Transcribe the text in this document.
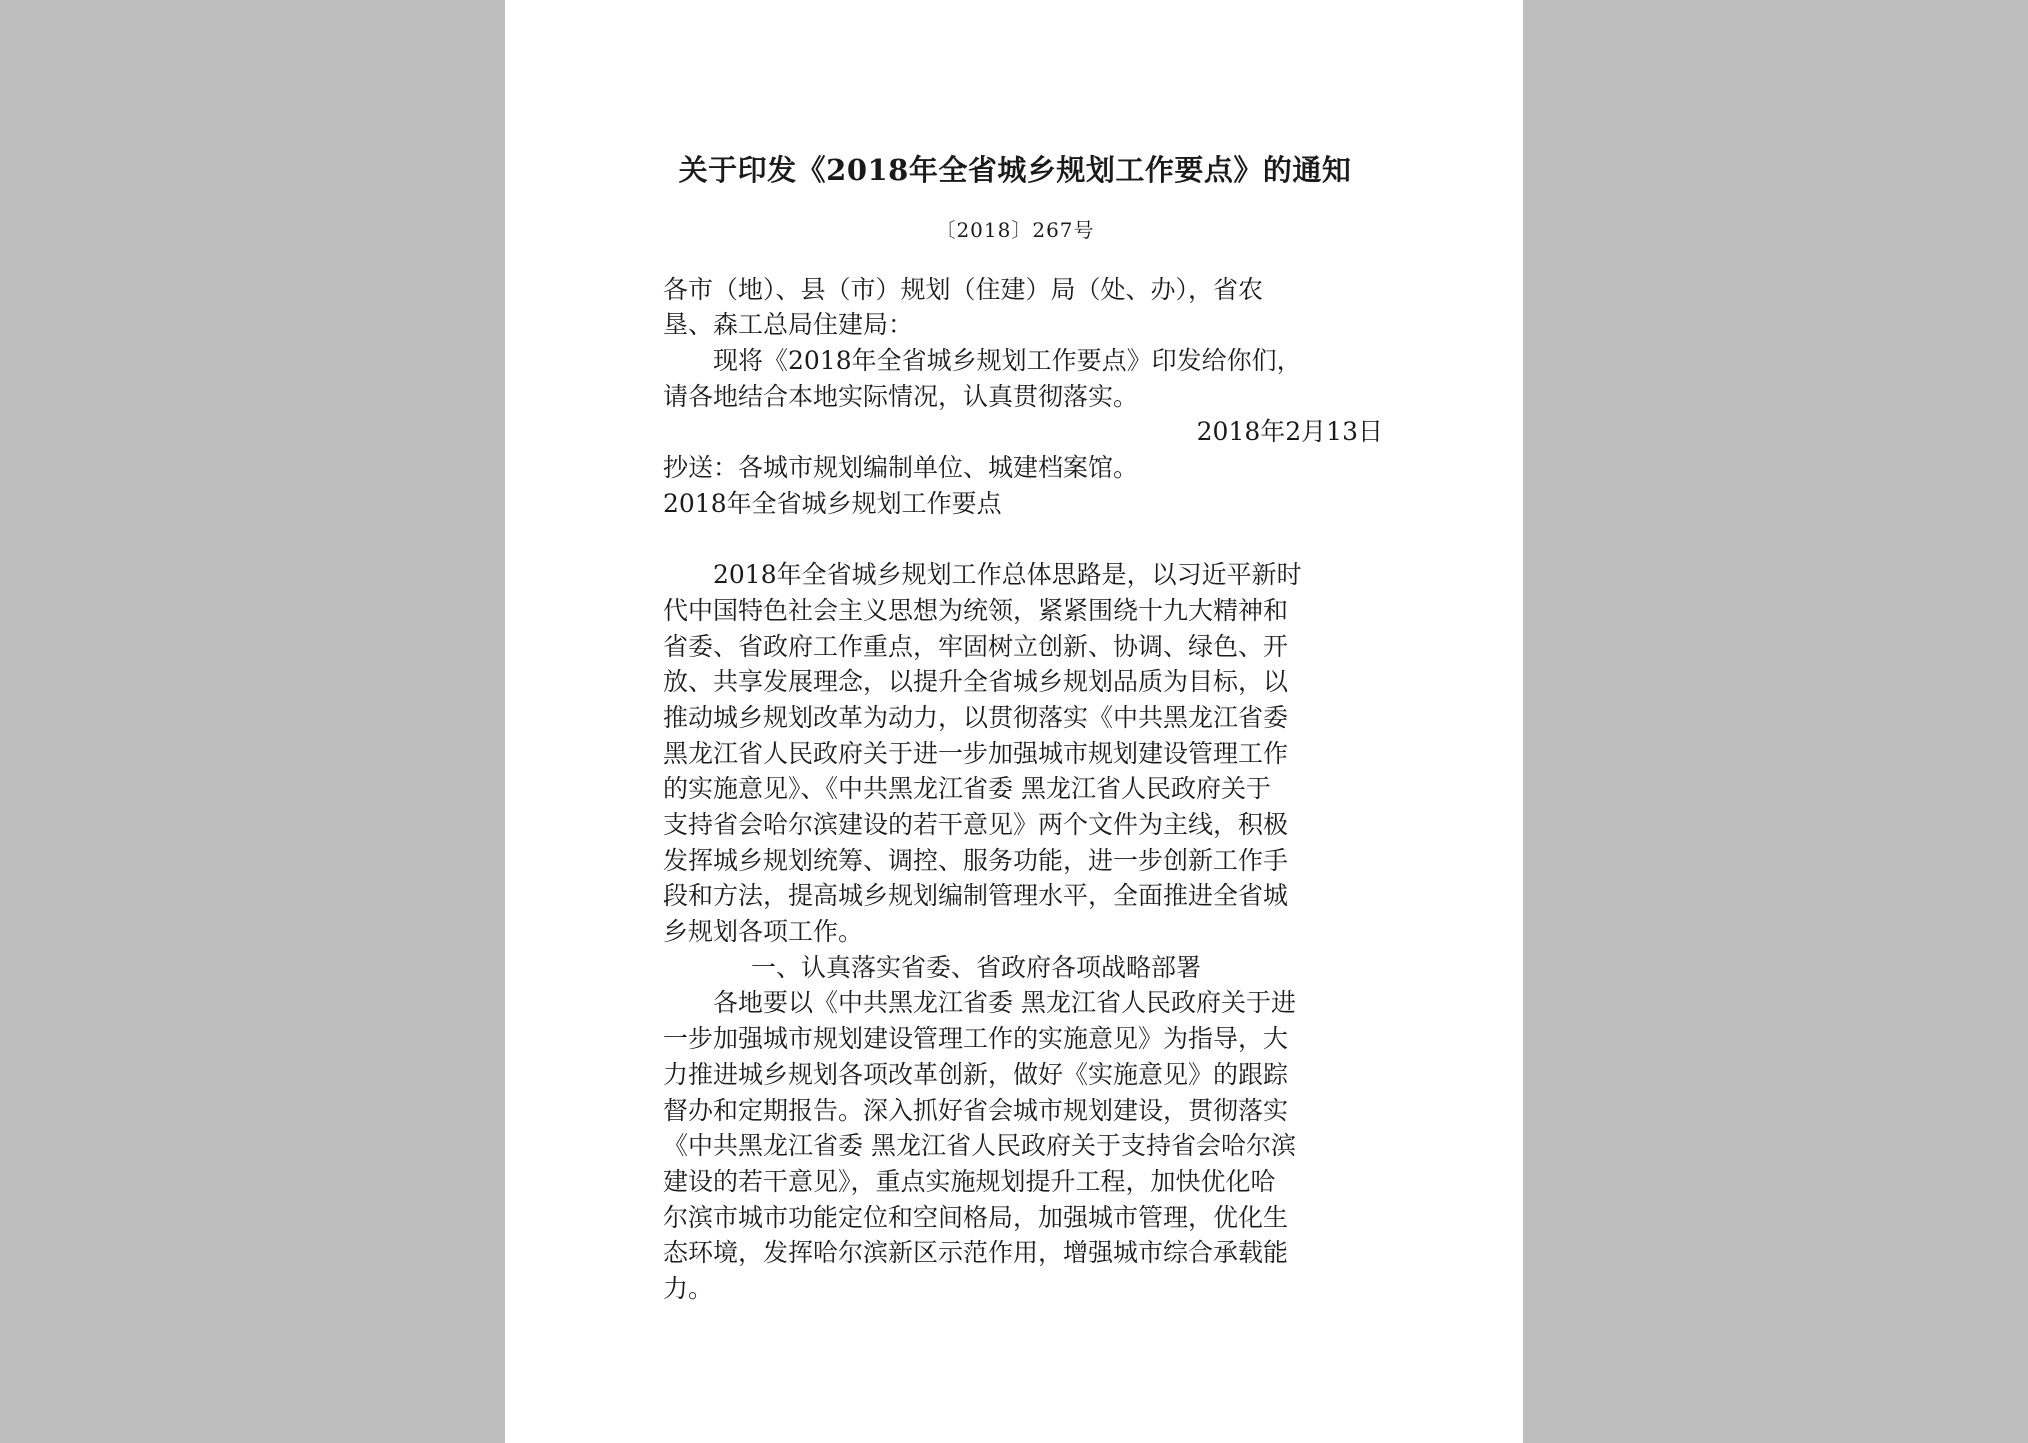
关于印发《2018年全省城乡规划工作要点》的通知
〔2018〕267号
各市（地）、县（市）规划（住建）局（处、办），省农
垦、森工总局住建局：
现将《2018年全省城乡规划工作要点》印发给你们，
请各地结合本地实际情况，认真贯彻落实。
2018年2月13日
抄送：各城市规划编制单位、城建档案馆。
2018年全省城乡规划工作要点
2018年全省城乡规划工作总体思路是，以习近平新时
代中国特色社会主义思想为统领，紧紧围绕十九大精神和
省委、省政府工作重点，牢固树立创新、协调、绿色、开
放、共享发展理念，以提升全省城乡规划品质为目标，以
推动城乡规划改革为动力，以贯彻落实《中共黑龙江省委
黑龙江省人民政府关于进一步加强城市规划建设管理工作
的实施意见》、《中共黑龙江省委 黑龙江省人民政府关于
支持省会哈尔滨建设的若干意见》两个文件为主线，积极
发挥城乡规划统筹、调控、服务功能，进一步创新工作手
段和方法，提高城乡规划编制管理水平，全面推进全省城
乡规划各项工作。
一、认真落实省委、省政府各项战略部署
各地要以《中共黑龙江省委 黑龙江省人民政府关于进
一步加强城市规划建设管理工作的实施意见》为指导，大
力推进城乡规划各项改革创新，做好《实施意见》的跟踪
督办和定期报告。深入抓好省会城市规划建设，贯彻落实
《中共黑龙江省委 黑龙江省人民政府关于支持省会哈尔滨
建设的若干意见》，重点实施规划提升工程，加快优化哈
尔滨市城市功能定位和空间格局，加强城市管理，优化生
态环境，发挥哈尔滨新区示范作用，增强城市综合承载能
力。
